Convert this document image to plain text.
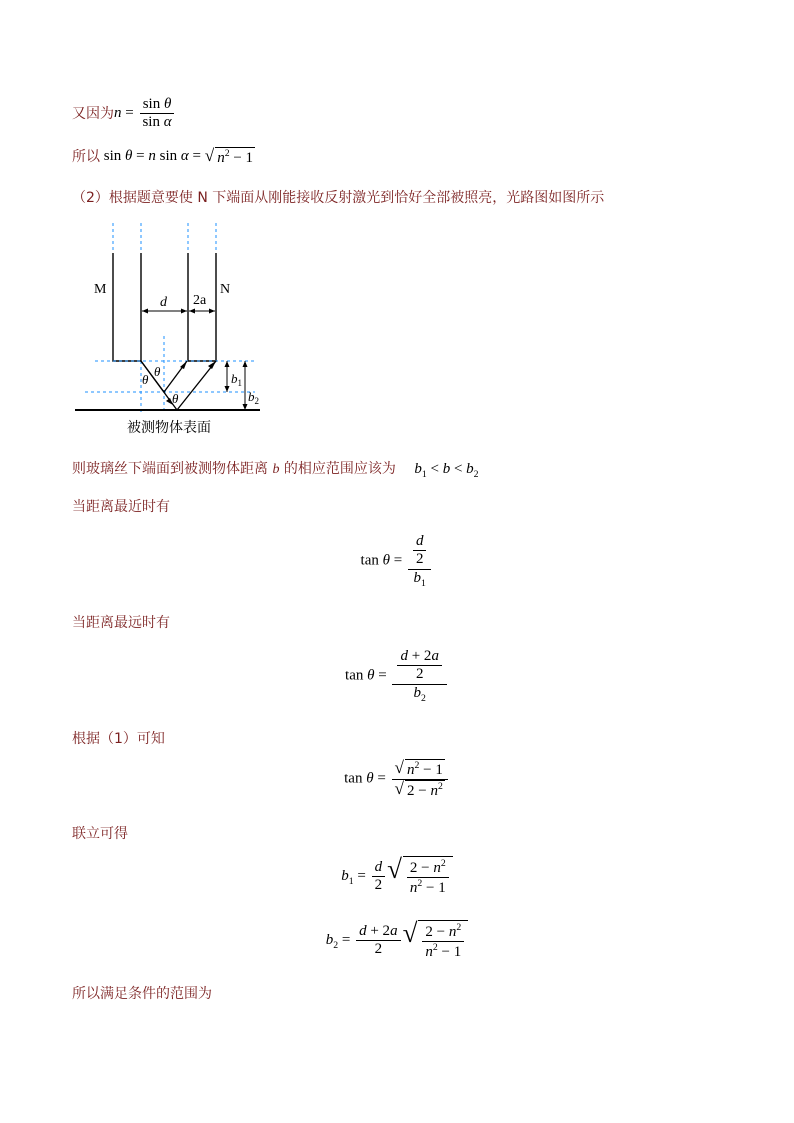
又因为$n = \frac{\text{sin θ}}{\text{sin α}}$
所以 sin θ = n sin α = √ $n^2 - 1$
（2）根据题意要使 N 下端面从刚能接收反射激光到恰好全部被照亮，光路图如图所示
M	N
d 2a
θ
θ
θ
$b_1$
$b_2$
被测物体表面
则玻璃丝下端面到被测物体距离 b 的相应范围应该为 $b_1 < b < b_2$
当距离最近时有
$\tan \theta = \frac{\frac{d}{2}}{b_1}$
当距离最远时有
$\tan \theta = \frac{\frac{d + 2a}{2}}{b_2}$
根据（1）可知
$\tan \theta = \frac{√ n^2 - 1}{√ 2 - n^2}$
联立可得
$b_1 = \frac{d}{2}$ √ $\frac{2 - n^2}{n^2 - 1}$
$b_2 = \frac{d + 2a}{2}$ √ $\frac{2 - n^2}{n^2 - 1}$
所以满足条件的范围为
